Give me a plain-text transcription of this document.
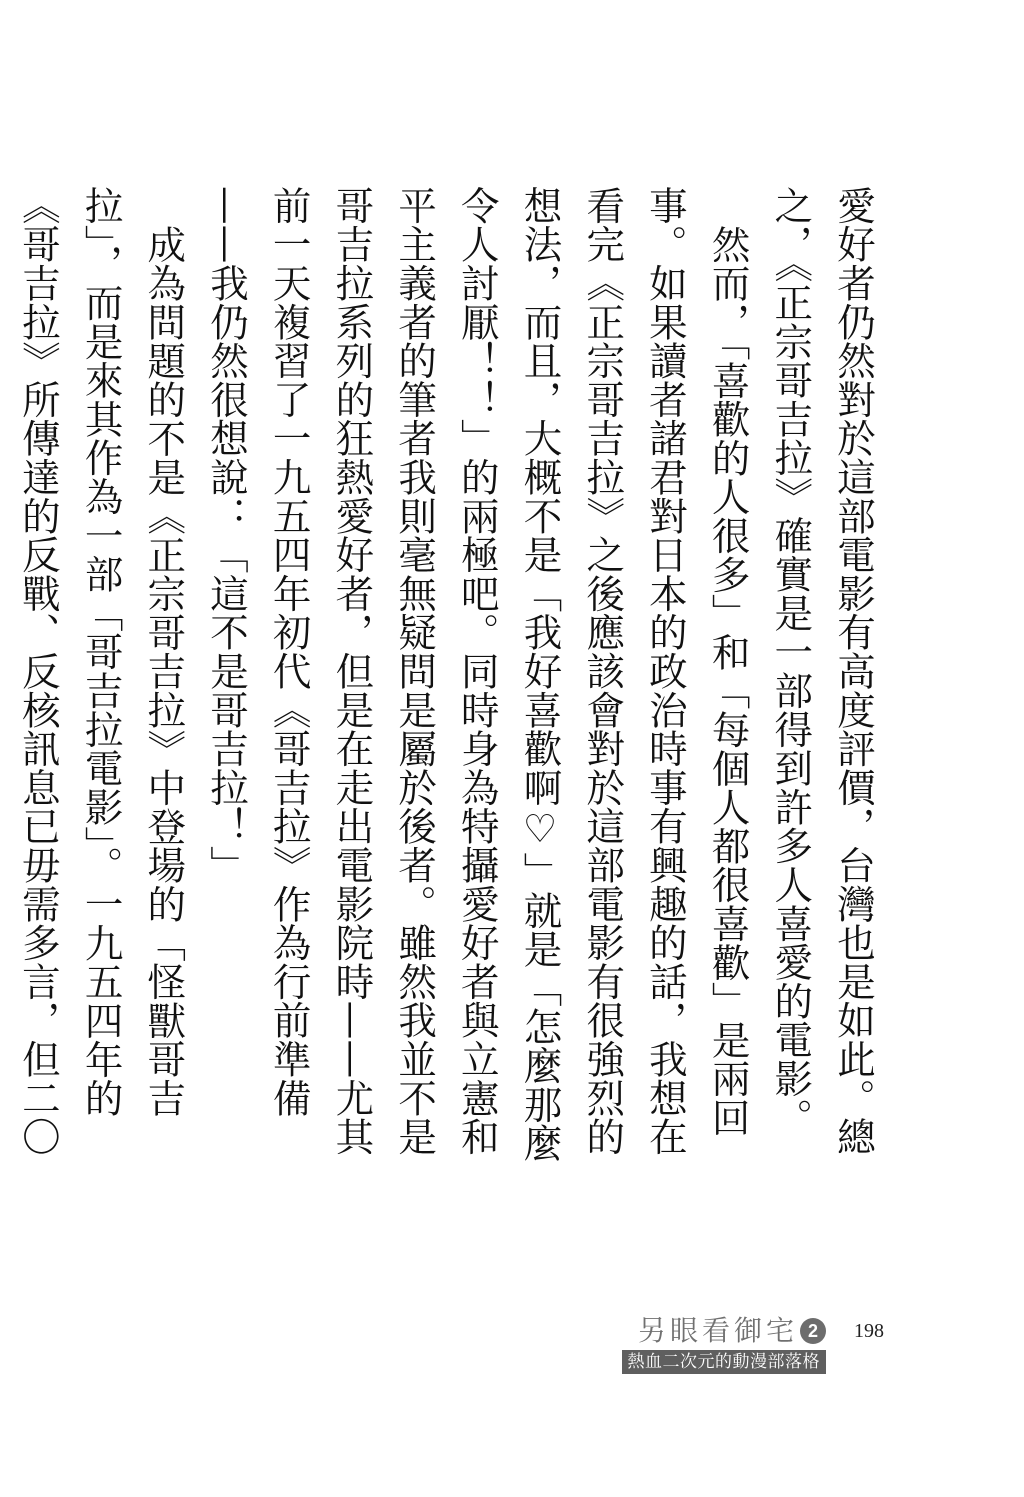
愛好者仍然對於這部電影有高度評價，台灣也是如此。總之，《正宗哥吉拉》確實是一部得到許多人喜愛的電影。

然而，「喜歡的人很多」和「每個人都很喜歡」是兩回事。如果讀者諸君對日本的政治時事有興趣的話，我想在看完《正宗哥吉拉》之後應該會對於這部電影有很強烈的想法，而且，大概不是「我好喜歡啊♡」就是「怎麼那麼令人討厭！！」的兩極吧。同時身為特攝愛好者與立憲和平主義者的筆者我則毫無疑問是屬於後者。雖然我並不是哥吉拉系列的狂熱愛好者，但是在走出電影院時——尤其前一天複習了一九五四年初代《哥吉拉》作為行前準備——我仍然很想說：「這不是哥吉拉！」

成為問題的不是《正宗哥吉拉》中登場的「怪獸哥吉拉」，而是來其作為一部「哥吉拉電影」。一九五四年的《哥吉拉》所傳達的反戰、反核訊息已毋需多言，但二〇

另眼看御宅 2
熱血二次元的動漫部落格
198
